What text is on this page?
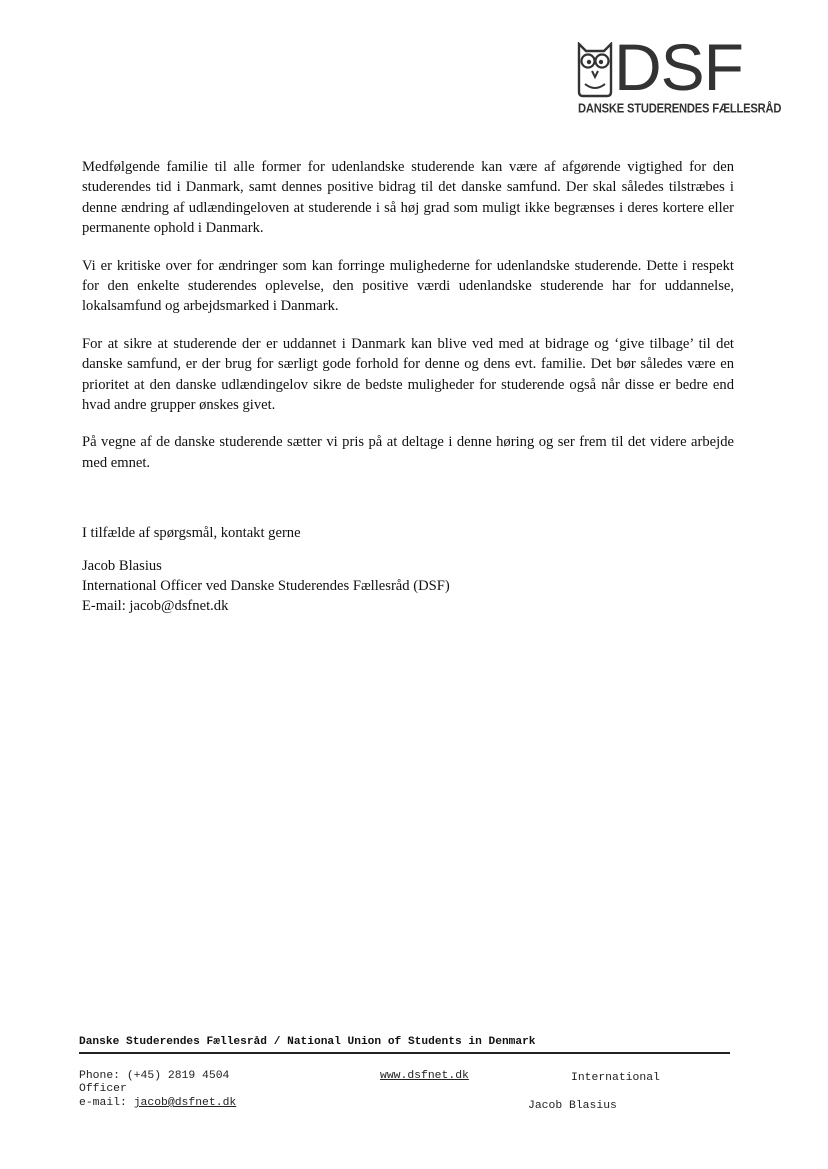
DSF
DANSKE STUDERENDES FÆLLESRÅD

Medfølgende familie til alle former for udenlandske studerende kan være af afgørende vigtighed for den studerendes tid i Danmark, samt dennes positive bidrag til det danske samfund. Der skal således tilstræbes i denne ændring af udlændingeloven at studerende i så høj grad som muligt ikke begrænses i deres kortere eller permanente ophold i Danmark.

Vi er kritiske over for ændringer som kan forringe mulighederne for udenlandske studerende. Dette i respekt for den enkelte studerendes oplevelse, den positive værdi udenlandske studerende har for uddannelse, lokalsamfund og arbejdsmarked i Danmark.

For at sikre at studerende der er uddannet i Danmark kan blive ved med at bidrage og ‘give tilbage’ til det danske samfund, er der brug for særligt gode forhold for denne og dens evt. familie. Det bør således være en prioritet at den danske udlændingelov sikre de bedste muligheder for studerende også når disse er bedre end hvad andre grupper ønskes givet.

På vegne af de danske studerende sætter vi pris på at deltage i denne høring og ser frem til det videre arbejde med emnet.

I tilfælde af spørgsmål, kontakt gerne

Jacob Blasius

International Officer ved Danske Studerendes Fællesråd (DSF)

E-mail: jacob@dsfnet.dk

Danske Studerendes Fællesråd / National Union of Students in Denmark
Phone: (+45) 2819 4504
Officer
e-mail: jacob@dsfnet.dk
www.dsfnet.dk	International
Jacob Blasius
